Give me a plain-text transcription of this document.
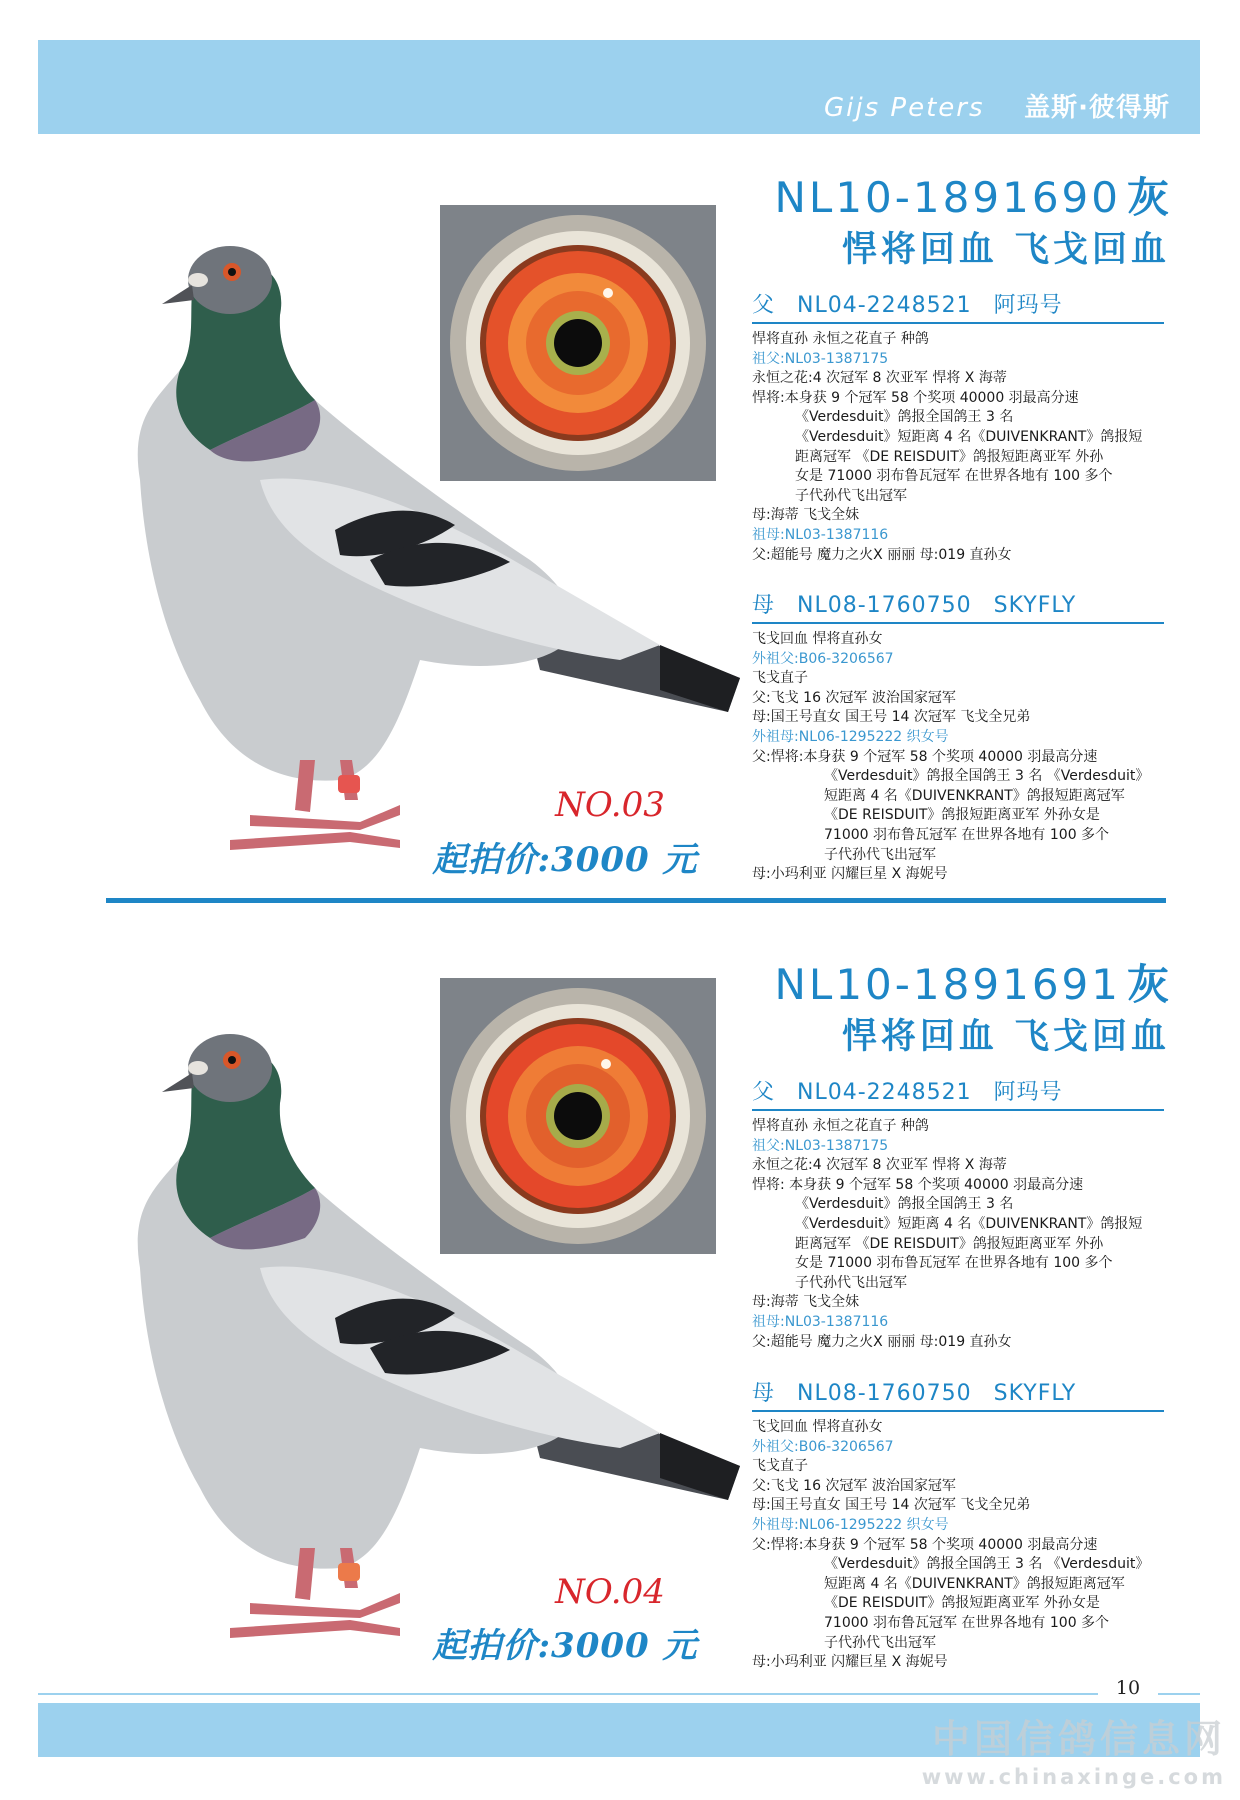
Gijs Peters 盖斯·彼得斯
NL10-1891690 灰
悍将回血 飞戈回血
父 NL04-2248521 阿玛号
悍将直孙 永恒之花直子 种鸽
祖父:NL03-1387175
永恒之花:4 次冠军 8 次亚军 悍将 X 海蒂
悍将:本身获 9 个冠军 58 个奖项 40000 羽最高分速
《Verdesduit》鸽报全国鸽王 3 名
《Verdesduit》短距离 4 名《DUIVENKRANT》鸽报短
距离冠军 《DE REISDUIT》鸽报短距离亚军 外孙
女是 71000 羽布鲁瓦冠军 在世界各地有 100 多个
子代孙代飞出冠军
母:海蒂 飞戈全妹
祖母:NL03-1387116
父:超能号 魔力之火X 丽丽 母:019 直孙女
母 NL08-1760750 SKYFLY
飞戈回血 悍将直孙女
外祖父:B06-3206567
飞戈直子
父:飞戈 16 次冠军 波治国家冠军
母:国王号直女 国王号 14 次冠军 飞戈全兄弟
外祖母:NL06-1295222 织女号
父:悍将:本身获 9 个冠军 58 个奖项 40000 羽最高分速
《Verdesduit》鸽报全国鸽王 3 名 《Verdesduit》
短距离 4 名《DUIVENKRANT》鸽报短距离冠军
《DE REISDUIT》鸽报短距离亚军 外孙女是
71000 羽布鲁瓦冠军 在世界各地有 100 多个
子代孙代飞出冠军
母:小玛利亚 闪耀巨星 X 海妮号
NO.03
起拍价:3000 元
NL10-1891691 灰
悍将回血 飞戈回血
父 NL04-2248521 阿玛号
悍将直孙 永恒之花直子 种鸽
祖父:NL03-1387175
永恒之花:4 次冠军 8 次亚军 悍将 X 海蒂
悍将: 本身获 9 个冠军 58 个奖项 40000 羽最高分速
《Verdesduit》鸽报全国鸽王 3 名
《Verdesduit》短距离 4 名《DUIVENKRANT》鸽报短
距离冠军 《DE REISDUIT》鸽报短距离亚军 外孙
女是 71000 羽布鲁瓦冠军 在世界各地有 100 多个
子代孙代飞出冠军
母:海蒂 飞戈全妹
祖母:NL03-1387116
父:超能号 魔力之火X 丽丽 母:019 直孙女
母 NL08-1760750 SKYFLY
飞戈回血 悍将直孙女
外祖父:B06-3206567
飞戈直子
父:飞戈 16 次冠军 波治国家冠军
母:国王号直女 国王号 14 次冠军 飞戈全兄弟
外祖母:NL06-1295222 织女号
父:悍将:本身获 9 个冠军 58 个奖项 40000 羽最高分速
《Verdesduit》鸽报全国鸽王 3 名 《Verdesduit》
短距离 4 名《DUIVENKRANT》鸽报短距离冠军
《DE REISDUIT》鸽报短距离亚军 外孙女是
71000 羽布鲁瓦冠军 在世界各地有 100 多个
子代孙代飞出冠军
母:小玛利亚 闪耀巨星 X 海妮号
NO.04
起拍价:3000 元
10
中国信鸽信息网
www.chinaxinge.com
